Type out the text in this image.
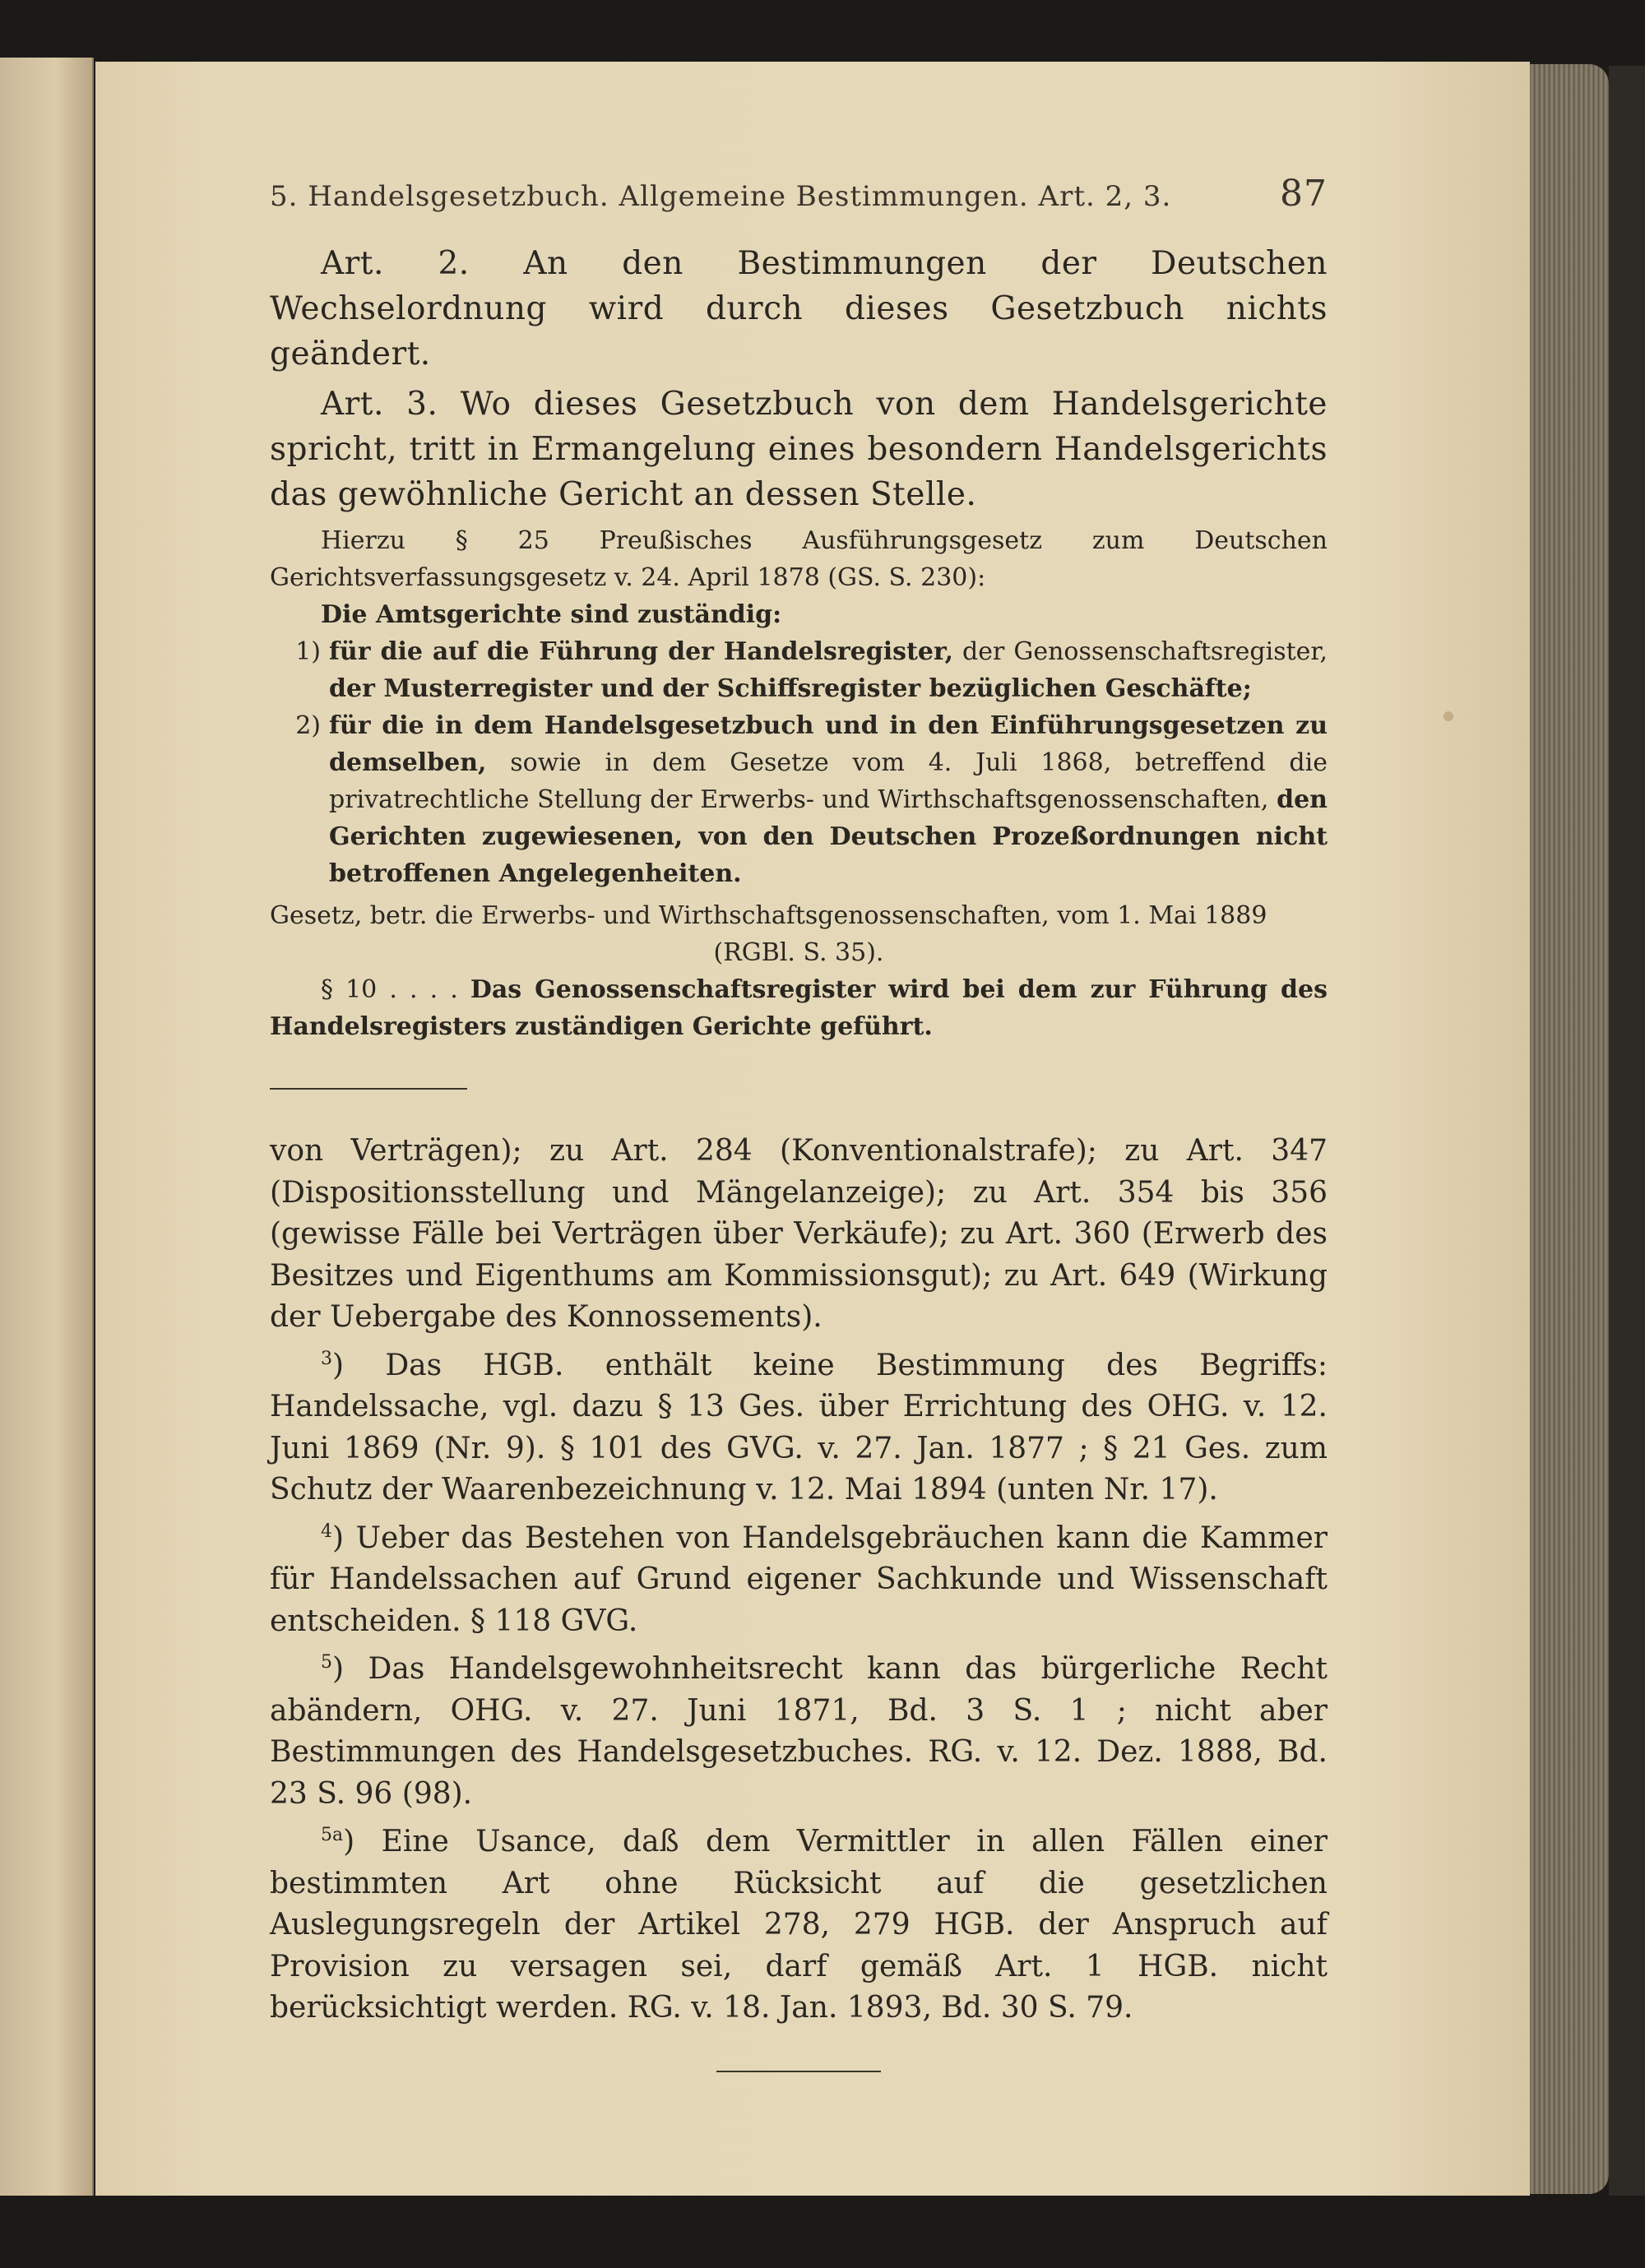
5. Handelsgesetzbuch. Allgemeine Bestimmungen. Art. 2, 3.	87

Art. 2. An den Bestimmungen der Deutschen Wechselordnung wird durch dieses Gesetzbuch nichts geändert.

Art. 3. Wo dieses Gesetzbuch von dem Handelsgerichte spricht, tritt in Ermangelung eines besondern Handelsgerichts das gewöhnliche Gericht an dessen Stelle.

Hierzu § 25 Preußisches Ausführungsgesetz zum Deutschen Gerichtsverfassungsgesetz v. 24. April 1878 (GS. S. 230):

Die Amtsgerichte sind zuständig:

1) für die auf die Führung der Handelsregister, der Genossenschaftsregister, der Musterregister und der Schiffsregister bezüglichen Geschäfte;
2) für die in dem Handelsgesetzbuch und in den Einführungsgesetzen zu demselben, sowie in dem Gesetze vom 4. Juli 1868, betreffend die privatrechtliche Stellung der Erwerbs- und Wirthschaftsgenossenschaften, den Gerichten zugewiesenen, von den Deutschen Prozeßordnungen nicht betroffenen Angelegenheiten.

Gesetz, betr. die Erwerbs- und Wirthschaftsgenossenschaften, vom 1. Mai 1889

(RGBl. S. 35).

§ 10 . . . . Das Genossenschaftsregister wird bei dem zur Führung des Handelsregisters zuständigen Gerichte geführt.

von Verträgen); zu Art. 284 (Konventionalstrafe); zu Art. 347 (Dispositionsstellung und Mängelanzeige); zu Art. 354 bis 356 (gewisse Fälle bei Verträgen über Verkäufe); zu Art. 360 (Erwerb des Besitzes und Eigenthums am Kommissionsgut); zu Art. 649 (Wirkung der Uebergabe des Konnossements).

$^3$) Das HGB. enthält keine Bestimmung des Begriffs: Handelssache, vgl. dazu § 13 Ges. über Errichtung des OHG. v. 12. Juni 1869 (Nr. 9). § 101 des GVG. v. 27. Jan. 1877 ; § 21 Ges. zum Schutz der Waarenbezeichnung v. 12. Mai 1894 (unten Nr. 17).

$^4$) Ueber das Bestehen von Handelsgebräuchen kann die Kammer für Handelssachen auf Grund eigener Sachkunde und Wissenschaft entscheiden. § 118 GVG.

$^5$) Das Handelsgewohnheitsrecht kann das bürgerliche Recht abändern, OHG. v. 27. Juni 1871, Bd. 3 S. 1 ; nicht aber Bestimmungen des Handelsgesetzbuches. RG. v. 12. Dez. 1888, Bd. 23 S. 96 (98).

$^{5a}$) Eine Usance, daß dem Vermittler in allen Fällen einer bestimmten Art ohne Rücksicht auf die gesetzlichen Auslegungsregeln der Artikel 278, 279 HGB. der Anspruch auf Provision zu versagen sei, darf gemäß Art. 1 HGB. nicht berücksichtigt werden. RG. v. 18. Jan. 1893, Bd. 30 S. 79.
